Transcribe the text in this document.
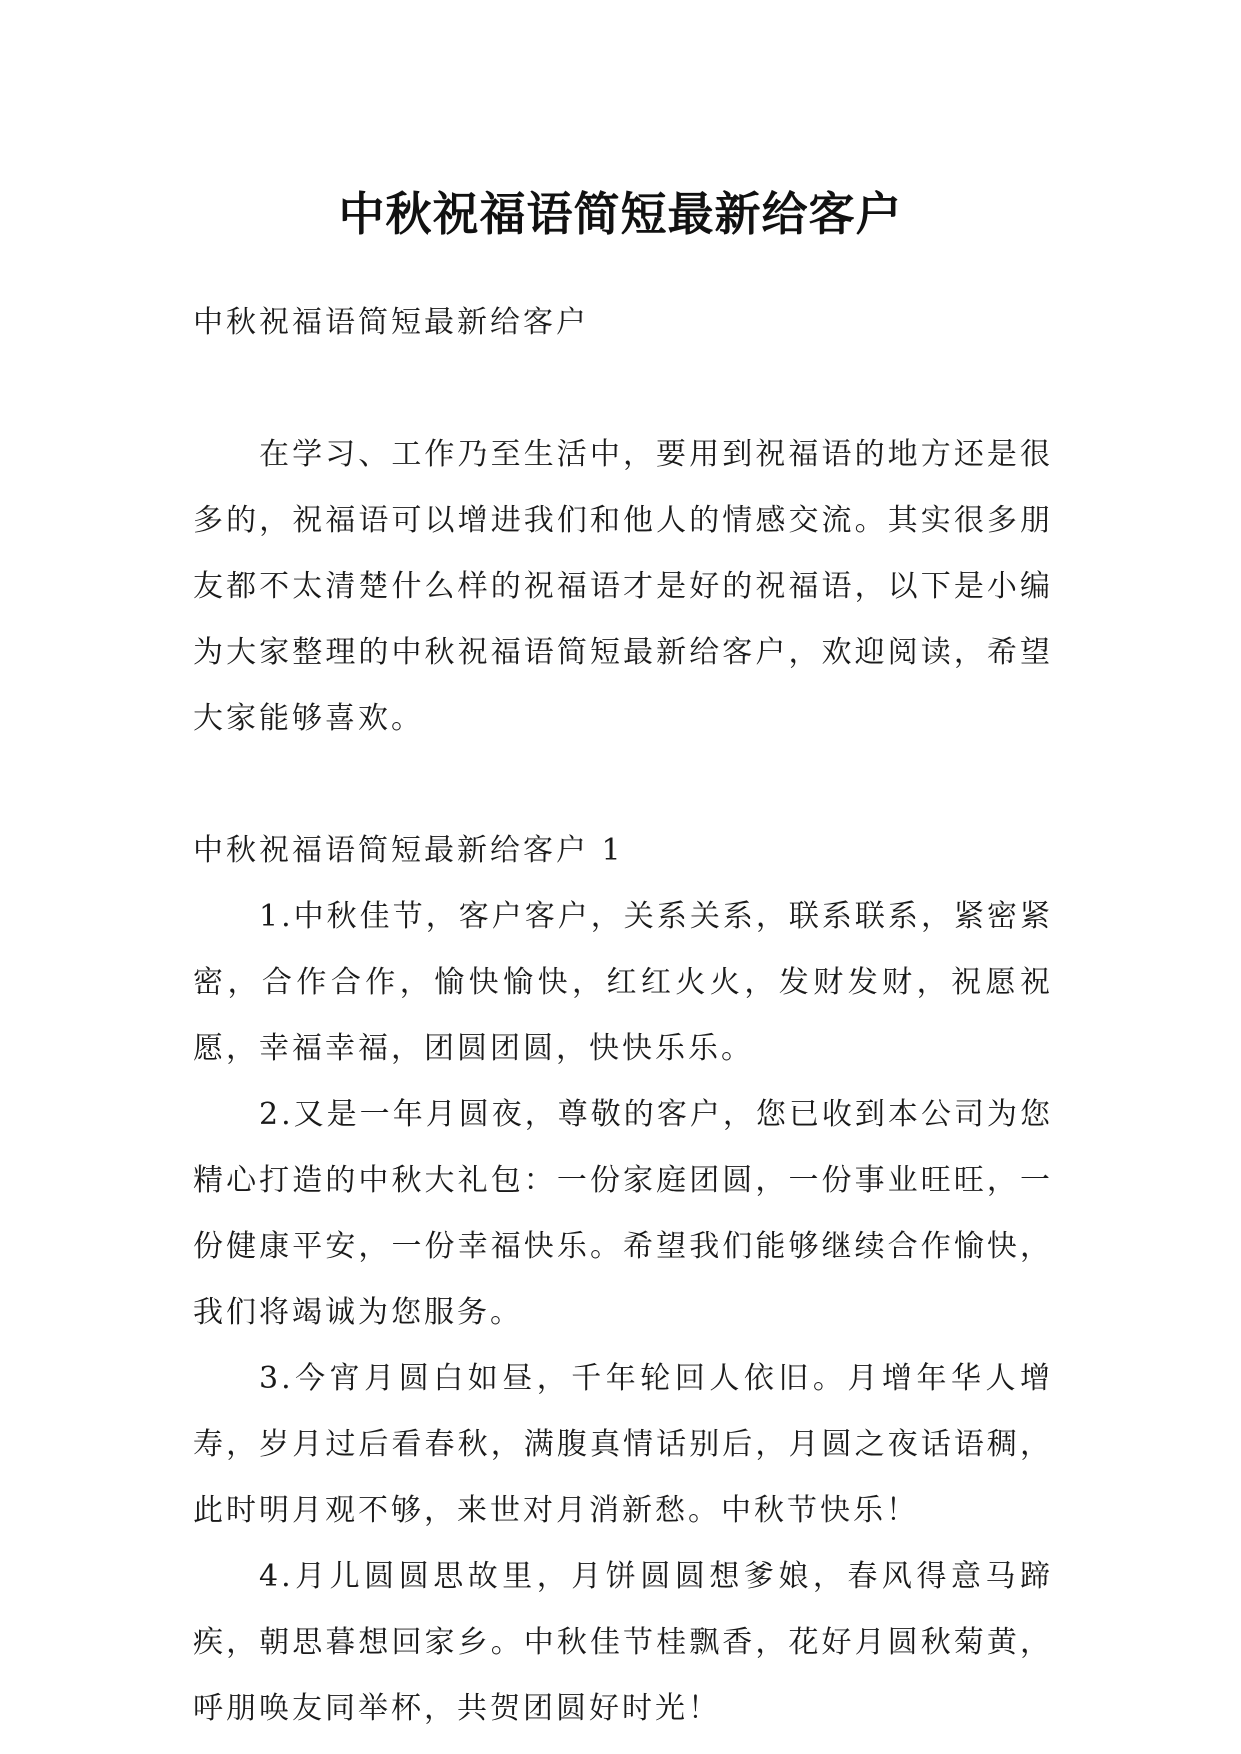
中秋祝福语简短最新给客户

中秋祝福语简短最新给客户

在学习、工作乃至生活中，要用到祝福语的地方还是很多的，祝福语可以增进我们和他人的情感交流。其实很多朋友都不太清楚什么样的祝福语才是好的祝福语，以下是小编为大家整理的中秋祝福语简短最新给客户，欢迎阅读，希望大家能够喜欢。

中秋祝福语简短最新给客户 1

1.中秋佳节，客户客户，关系关系，联系联系，紧密紧密，合作合作，愉快愉快，红红火火，发财发财，祝愿祝愿，幸福幸福，团圆团圆，快快乐乐。

2.又是一年月圆夜，尊敬的客户，您已收到本公司为您精心打造的中秋大礼包：一份家庭团圆，一份事业旺旺，一份健康平安，一份幸福快乐。希望我们能够继续合作愉快，我们将竭诚为您服务。

3.今宵月圆白如昼，千年轮回人依旧。月增年华人增寿，岁月过后看春秋，满腹真情话别后，月圆之夜话语稠，此时明月观不够，来世对月消新愁。中秋节快乐！

4.月儿圆圆思故里，月饼圆圆想爹娘，春风得意马蹄疾，朝思暮想回家乡。中秋佳节桂飘香，花好月圆秋菊黄，呼朋唤友同举杯，共贺团圆好时光！
